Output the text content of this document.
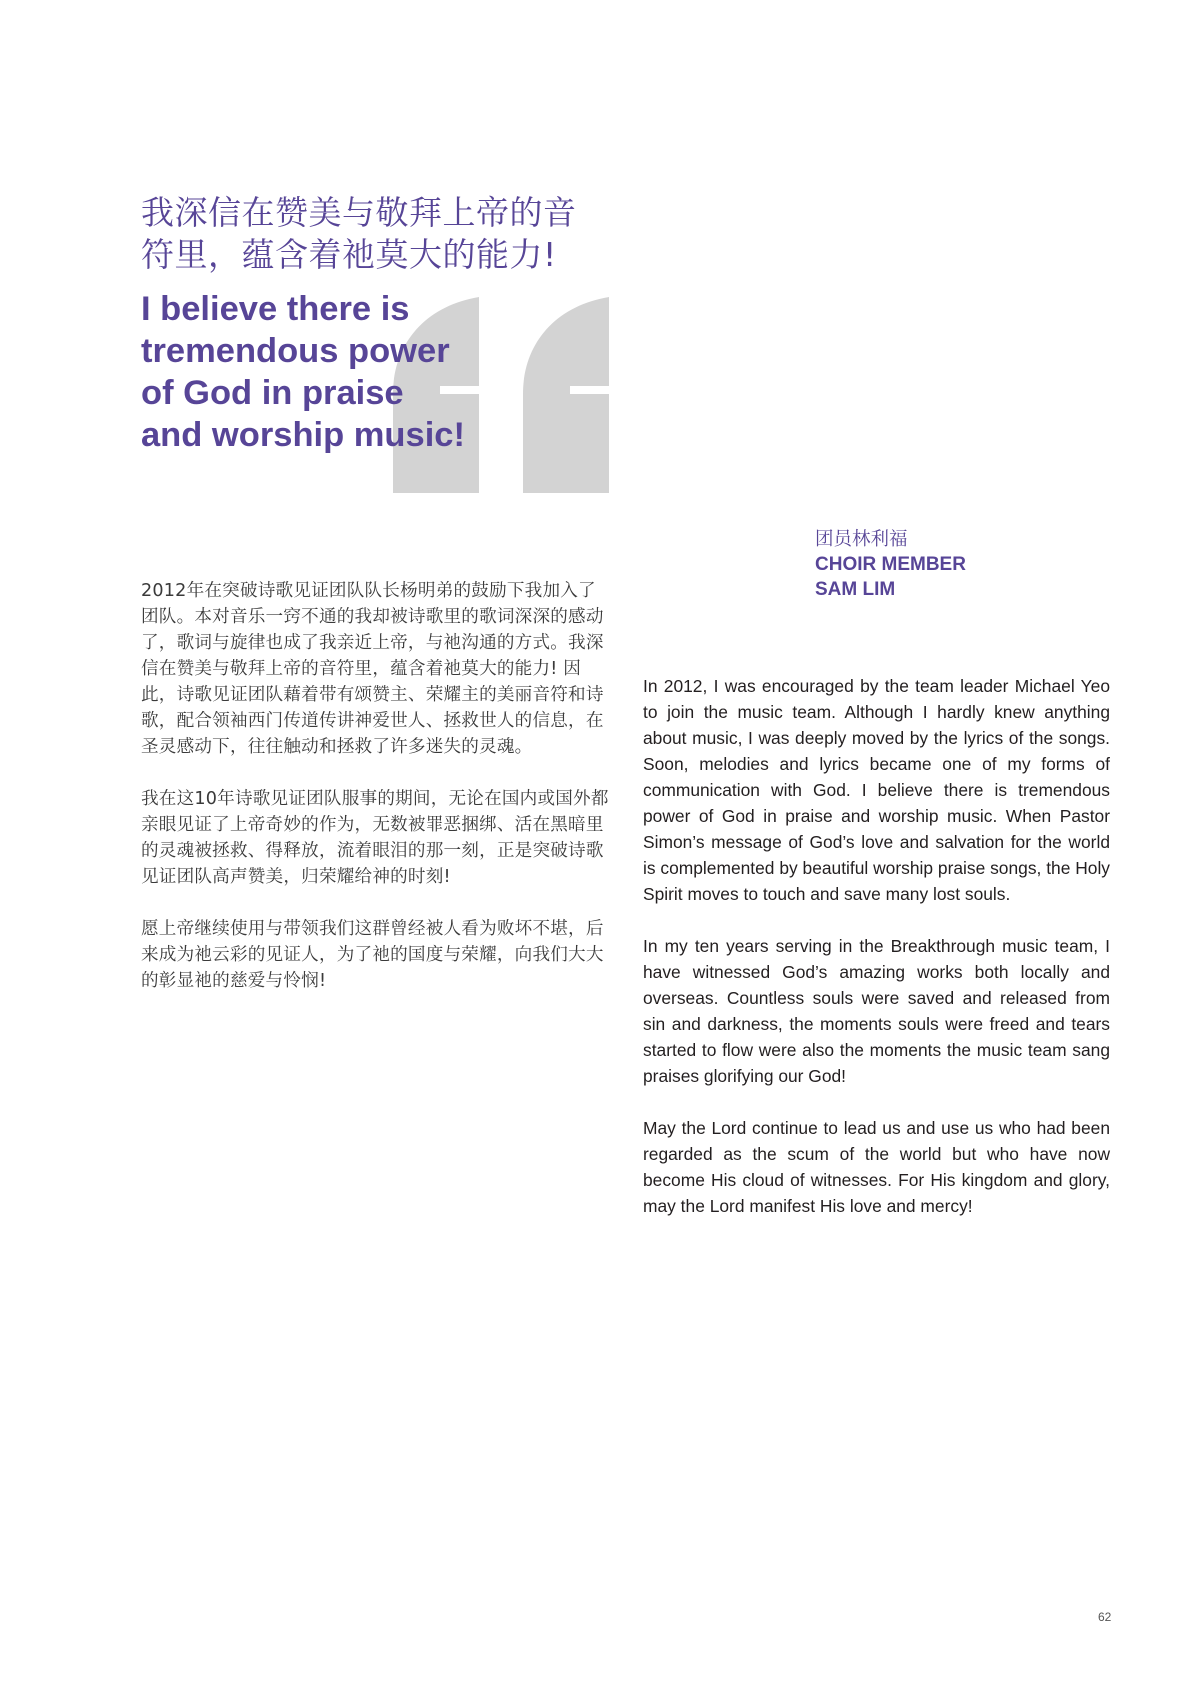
我深信在赞美与敬拜上帝的音
符里，蕴含着祂莫大的能力!
I believe there is
tremendous power
of God in praise
and worship music!
团员林利福
CHOIR MEMBER
SAM LIM

2012年在突破诗歌见证团队队长杨明弟的鼓励下我加入了团队。本对音乐一窍不通的我却被诗歌里的歌词深深的感动了，歌词与旋律也成了我亲近上帝，与祂沟通的方式。我深信在赞美与敬拜上帝的音符里，蕴含着祂莫大的能力! 因此，诗歌见证团队藉着带有颂赞主、荣耀主的美丽音符和诗歌，配合领袖西门传道传讲神爱世人、拯救世人的信息，在圣灵感动下，往往触动和拯救了许多迷失的灵魂。

我在这10年诗歌见证团队服事的期间，无论在国内或国外都亲眼见证了上帝奇妙的作为，无数被罪恶捆绑、活在黑暗里的灵魂被拯救、得释放，流着眼泪的那一刻，正是突破诗歌见证团队高声赞美，归荣耀给神的时刻!

愿上帝继续使用与带领我们这群曾经被人看为败坏不堪，后来成为祂云彩的见证人，为了祂的国度与荣耀，向我们大大的彰显祂的慈爱与怜悯!

In 2012, I was encouraged by the team leader Michael Yeo to join the music team. Although I hardly knew anything about music, I was deeply moved by the lyrics of the songs. Soon, melodies and lyrics became one of my forms of communication with God. I believe there is tremendous power of God in praise and worship music. When Pastor Simon’s message of God’s love and salvation for the world is complemented by beautiful worship praise songs, the Holy Spirit moves to touch and save many lost souls.

In my ten years serving in the Breakthrough music team, I have witnessed God’s amazing works both locally and overseas. Countless souls were saved and released from sin and darkness, the moments souls were freed and tears started to flow were also the moments the music team sang praises glorifying our God!

May the Lord continue to lead us and use us who had been regarded as the scum of the world but who have now become His cloud of witnesses. For His kingdom and glory, may the Lord manifest His love and mercy!

62
